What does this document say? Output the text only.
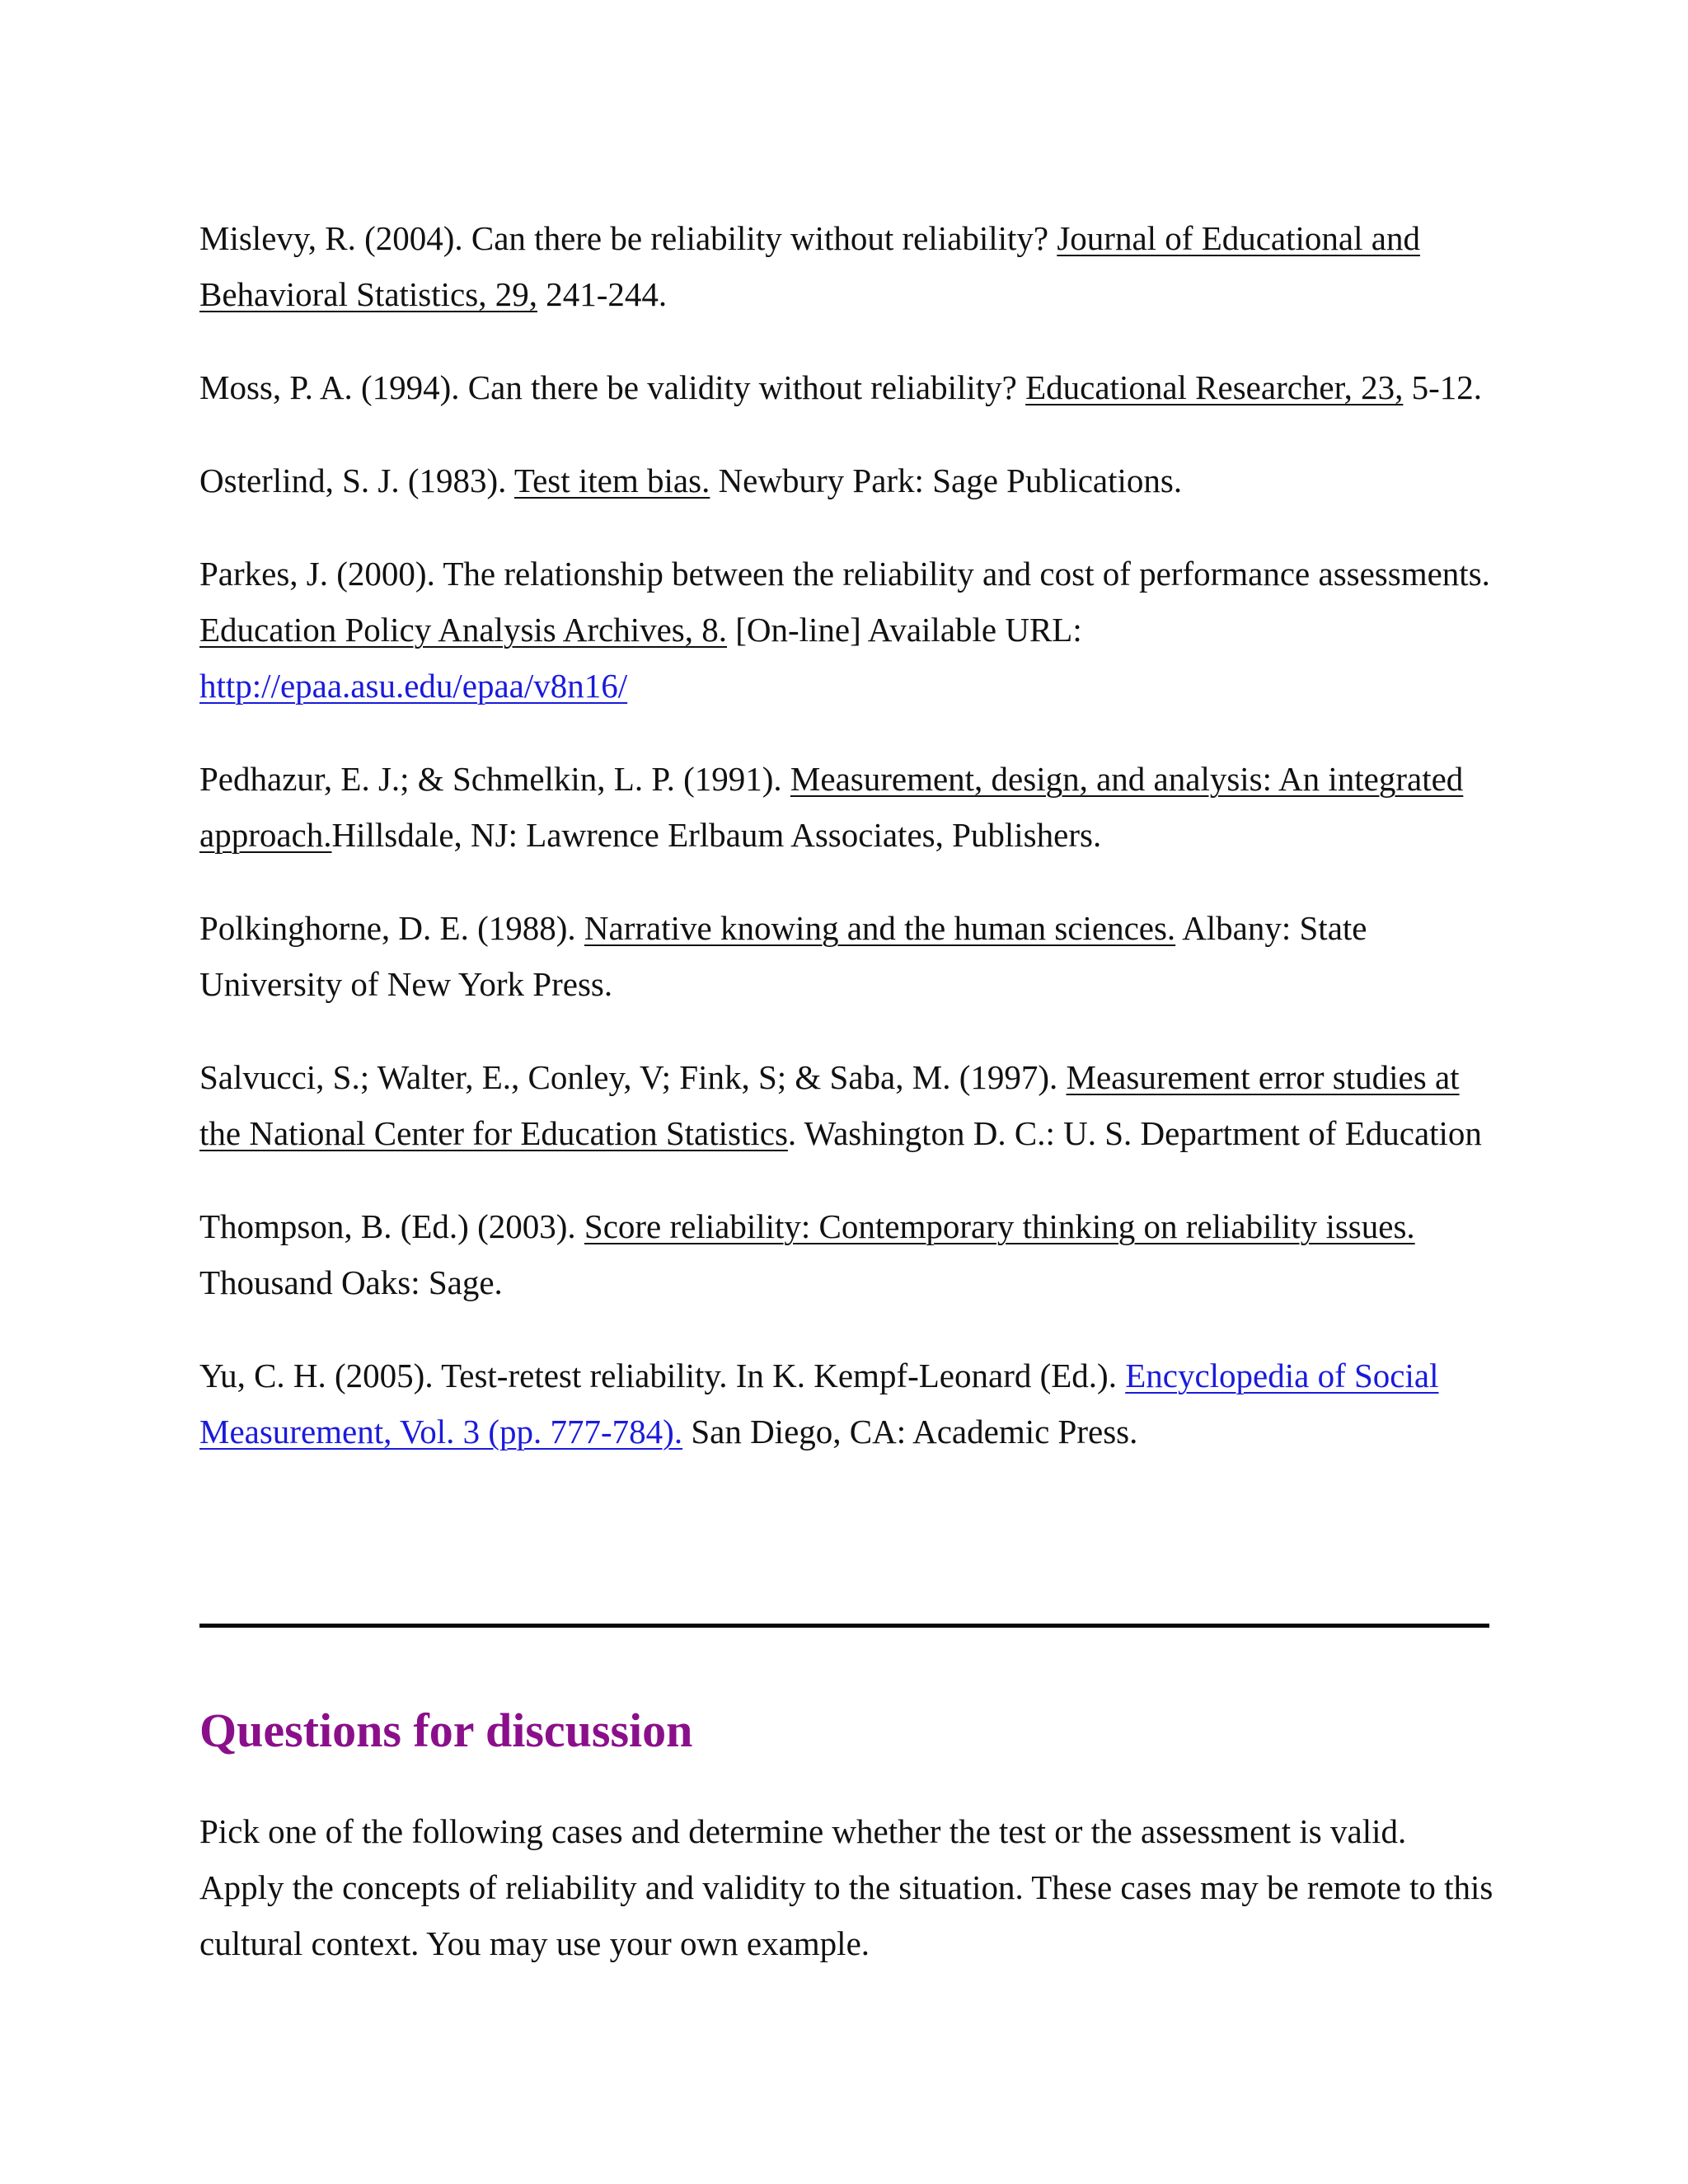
Mislevy, R. (2004). Can there be reliability without reliability? Journal of Educational and Behavioral Statistics, 29, 241-244.

Moss, P. A. (1994). Can there be validity without reliability? Educational Researcher, 23, 5-12.

Osterlind, S. J. (1983). Test item bias. Newbury Park: Sage Publications.

Parkes, J. (2000). The relationship between the reliability and cost of performance assessments. Education Policy Analysis Archives, 8. [On-line] Available URL: http://epaa.asu.edu/epaa/v8n16/

Pedhazur, E. J.; & Schmelkin, L. P. (1991). Measurement, design, and analysis: An integrated approach.Hillsdale, NJ: Lawrence Erlbaum Associates, Publishers.

Polkinghorne, D. E. (1988). Narrative knowing and the human sciences. Albany: State University of New York Press.

Salvucci, S.; Walter, E., Conley, V; Fink, S; & Saba, M. (1997). Measurement error studies at the National Center for Education Statistics. Washington D. C.: U. S. Department of Education

Thompson, B. (Ed.) (2003). Score reliability: Contemporary thinking on reliability issues. Thousand Oaks: Sage.

Yu, C. H. (2005). Test-retest reliability. In K. Kempf-Leonard (Ed.). Encyclopedia of Social Measurement, Vol. 3 (pp. 777-784). San Diego, CA: Academic Press.

Questions for discussion

Pick one of the following cases and determine whether the test or the assessment is valid. Apply the concepts of reliability and validity to the situation. These cases may be remote to this cultural context. You may use your own example.
